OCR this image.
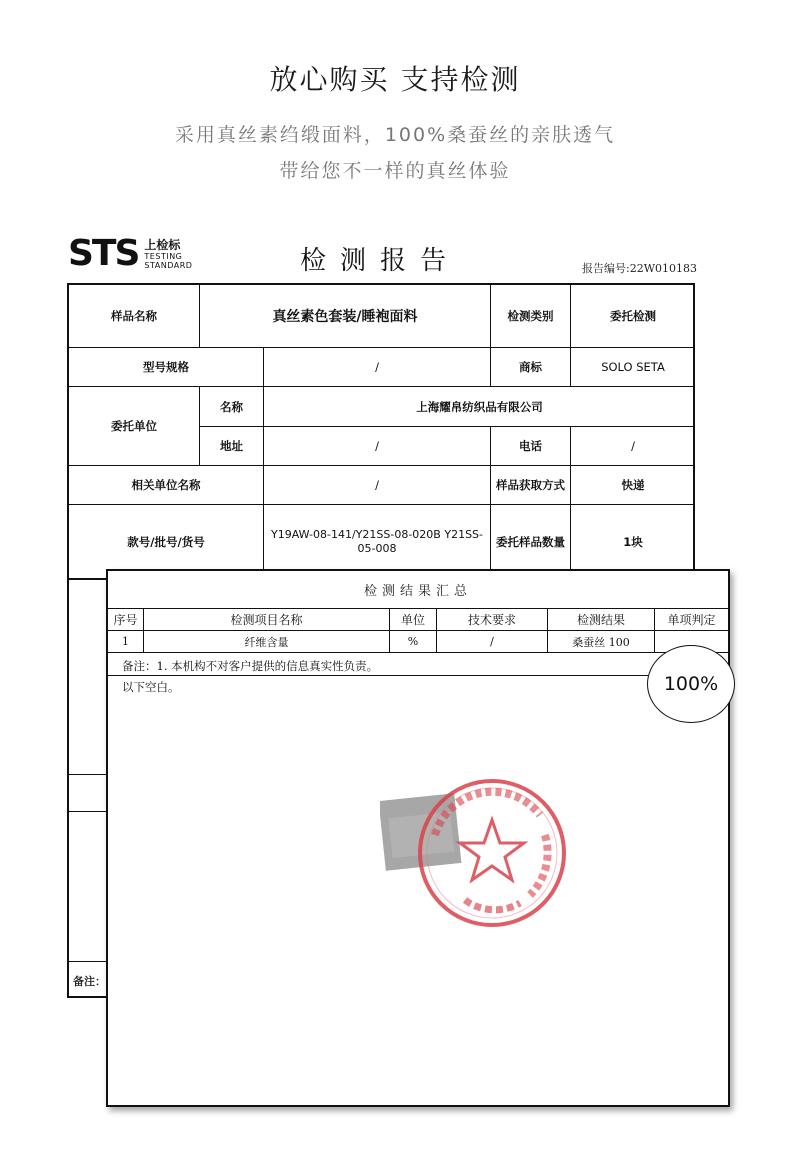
放心购买 支持检测
采用真丝素绉缎面料，100%桑蚕丝的亲肤透气
带给您不一样的真丝体验
STS 上检标
TESTING
STANDARD	检测报告	报告编号:22W010183
样品名称	真丝素色套装/睡袍面料	检测类别	委托检测
型号规格	/	商标	SOLO SETA
委托单位
名称	上海耀帛纺织品有限公司
地址	/	电话	/
相关单位名称	/	样品获取方式	快递
款号/批号/货号
Y19AW-08-141/Y21SS-08-020B Y21SS-05-008	委托样品数量	1块
备注：
检测结果汇总
序号	检测项目名称	单位	技术要求	检测结果	单项判定
1	纤维含量	%	/	桑蚕丝 100
备注：1. 本机构不对客户提供的信息真实性负责。
以下空白。	100%
